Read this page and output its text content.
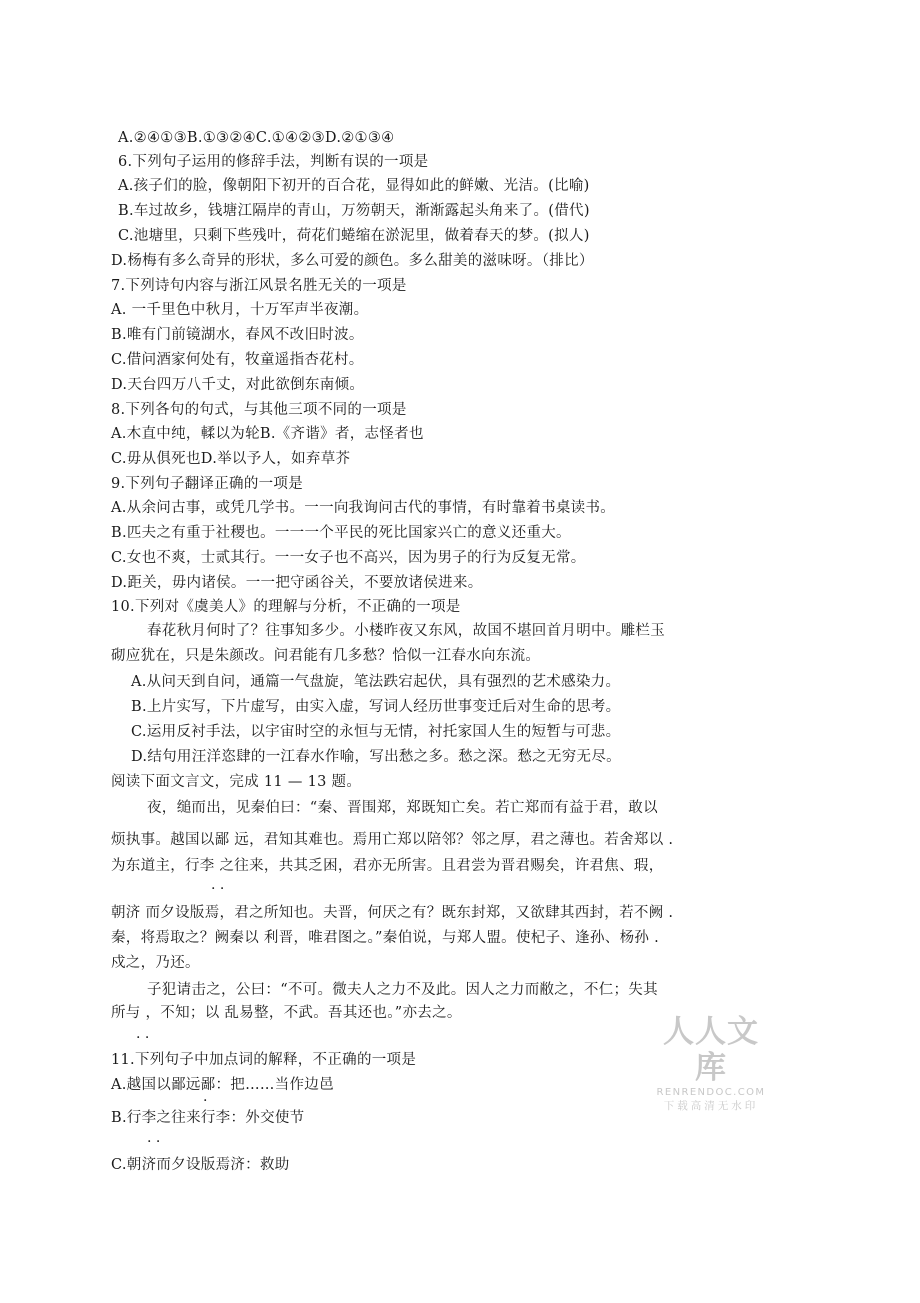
A.②④①③B.①③②④C.①④②③D.②①③④
6.下列句子运用的修辞手法，判断有误的一项是
A.孩子们的脸，像朝阳下初开的百合花，显得如此的鲜嫩、光洁。(比喻)
B.车过故乡，钱塘江隔岸的青山，万笏朝天，渐渐露起头角来了。(借代)
C.池塘里，只剩下些残叶，荷花们蜷缩在淤泥里，做着春天的梦。(拟人)
D.杨梅有多么奇异的形状，多么可爱的颜色。多么甜美的滋味呀。（排比）
7.下列诗句内容与浙江风景名胜无关的一项是
A. 一千里色中秋月，十万军声半夜潮。
B.唯有门前镜湖水，春风不改旧时波。
C.借问酒家何处有，牧童遥指杏花村。
D.天台四万八千丈，对此欲倒东南倾。
8.下列各句的句式，与其他三项不同的一项是
A.木直中纯，輮以为轮B.《齐谐》者，志怪者也
C.毋从俱死也D.举以予人，如弃草芥
9.下列句子翻译正确的一项是
A.从余问古事，或凭几学书。一一向我询问古代的事情，有时靠着书桌读书。
B.匹夫之有重于社稷也。一一一个平民的死比国家兴亡的意义还重大。
C.女也不爽，士贰其行。一一女子也不高兴，因为男子的行为反复无常。
D.距关，毋内诸侯。一一把守函谷关，不要放诸侯进来。
10.下列对《虞美人》的理解与分析，不正确的一项是
春花秋月何时了？往事知多少。小楼昨夜又东风，故国不堪回首月明中。雕栏玉
砌应犹在，只是朱颜改。问君能有几多愁？恰似一江春水向东流。
A.从问天到自问，通篇一气盘旋，笔法跌宕起伏，具有强烈的艺术感染力。
B.上片实写，下片虚写，由实入虚，写词人经历世事变迁后对生命的思考。
C.运用反衬手法，以宇宙时空的永恒与无情，衬托家国人生的短暂与可悲。
D.结句用汪洋恣肆的一江春水作喻，写出愁之多。愁之深。愁之无穷无尽。
阅读下面文言文，完成 11 — 13 题。
夜，缒而出，见秦伯曰：“秦、晋围郑，郑既知亡矣。若亡郑而有益于君，敢以
烦执事。越国以鄙 远，君知其难也。焉用亡郑以陪邻？邻之厚，君之薄也。若舍郑以 .
为东道主，行李 之往来，共其乏困，君亦无所害。且君尝为晋君赐矣，许君焦、瑕，
. .
朝济 而夕设版焉，君之所知也。夫晋，何厌之有？既东封郑，又欲肆其西封，若不阙 .
秦，将焉取之？阙秦以 利晋，唯君图之。”秦伯说，与郑人盟。使杞子、逢孙、杨孙 .
戍之，乃还。
子犯请击之，公曰：“不可。微夫人之力不及此。因人之力而敝之，不仁；失其
所与 ，不知；以 乱易整，不武。吾其还也。”亦去之。
. .
11.下列句子中加点词的解释，不正确的一项是
A.越国以鄙远鄙：把……当作边邑
.
B.行李之往来行李：外交使节
. .
C.朝济而夕设版焉济：救助
人人文库
RENRENDOC.COM
下载高清无水印
